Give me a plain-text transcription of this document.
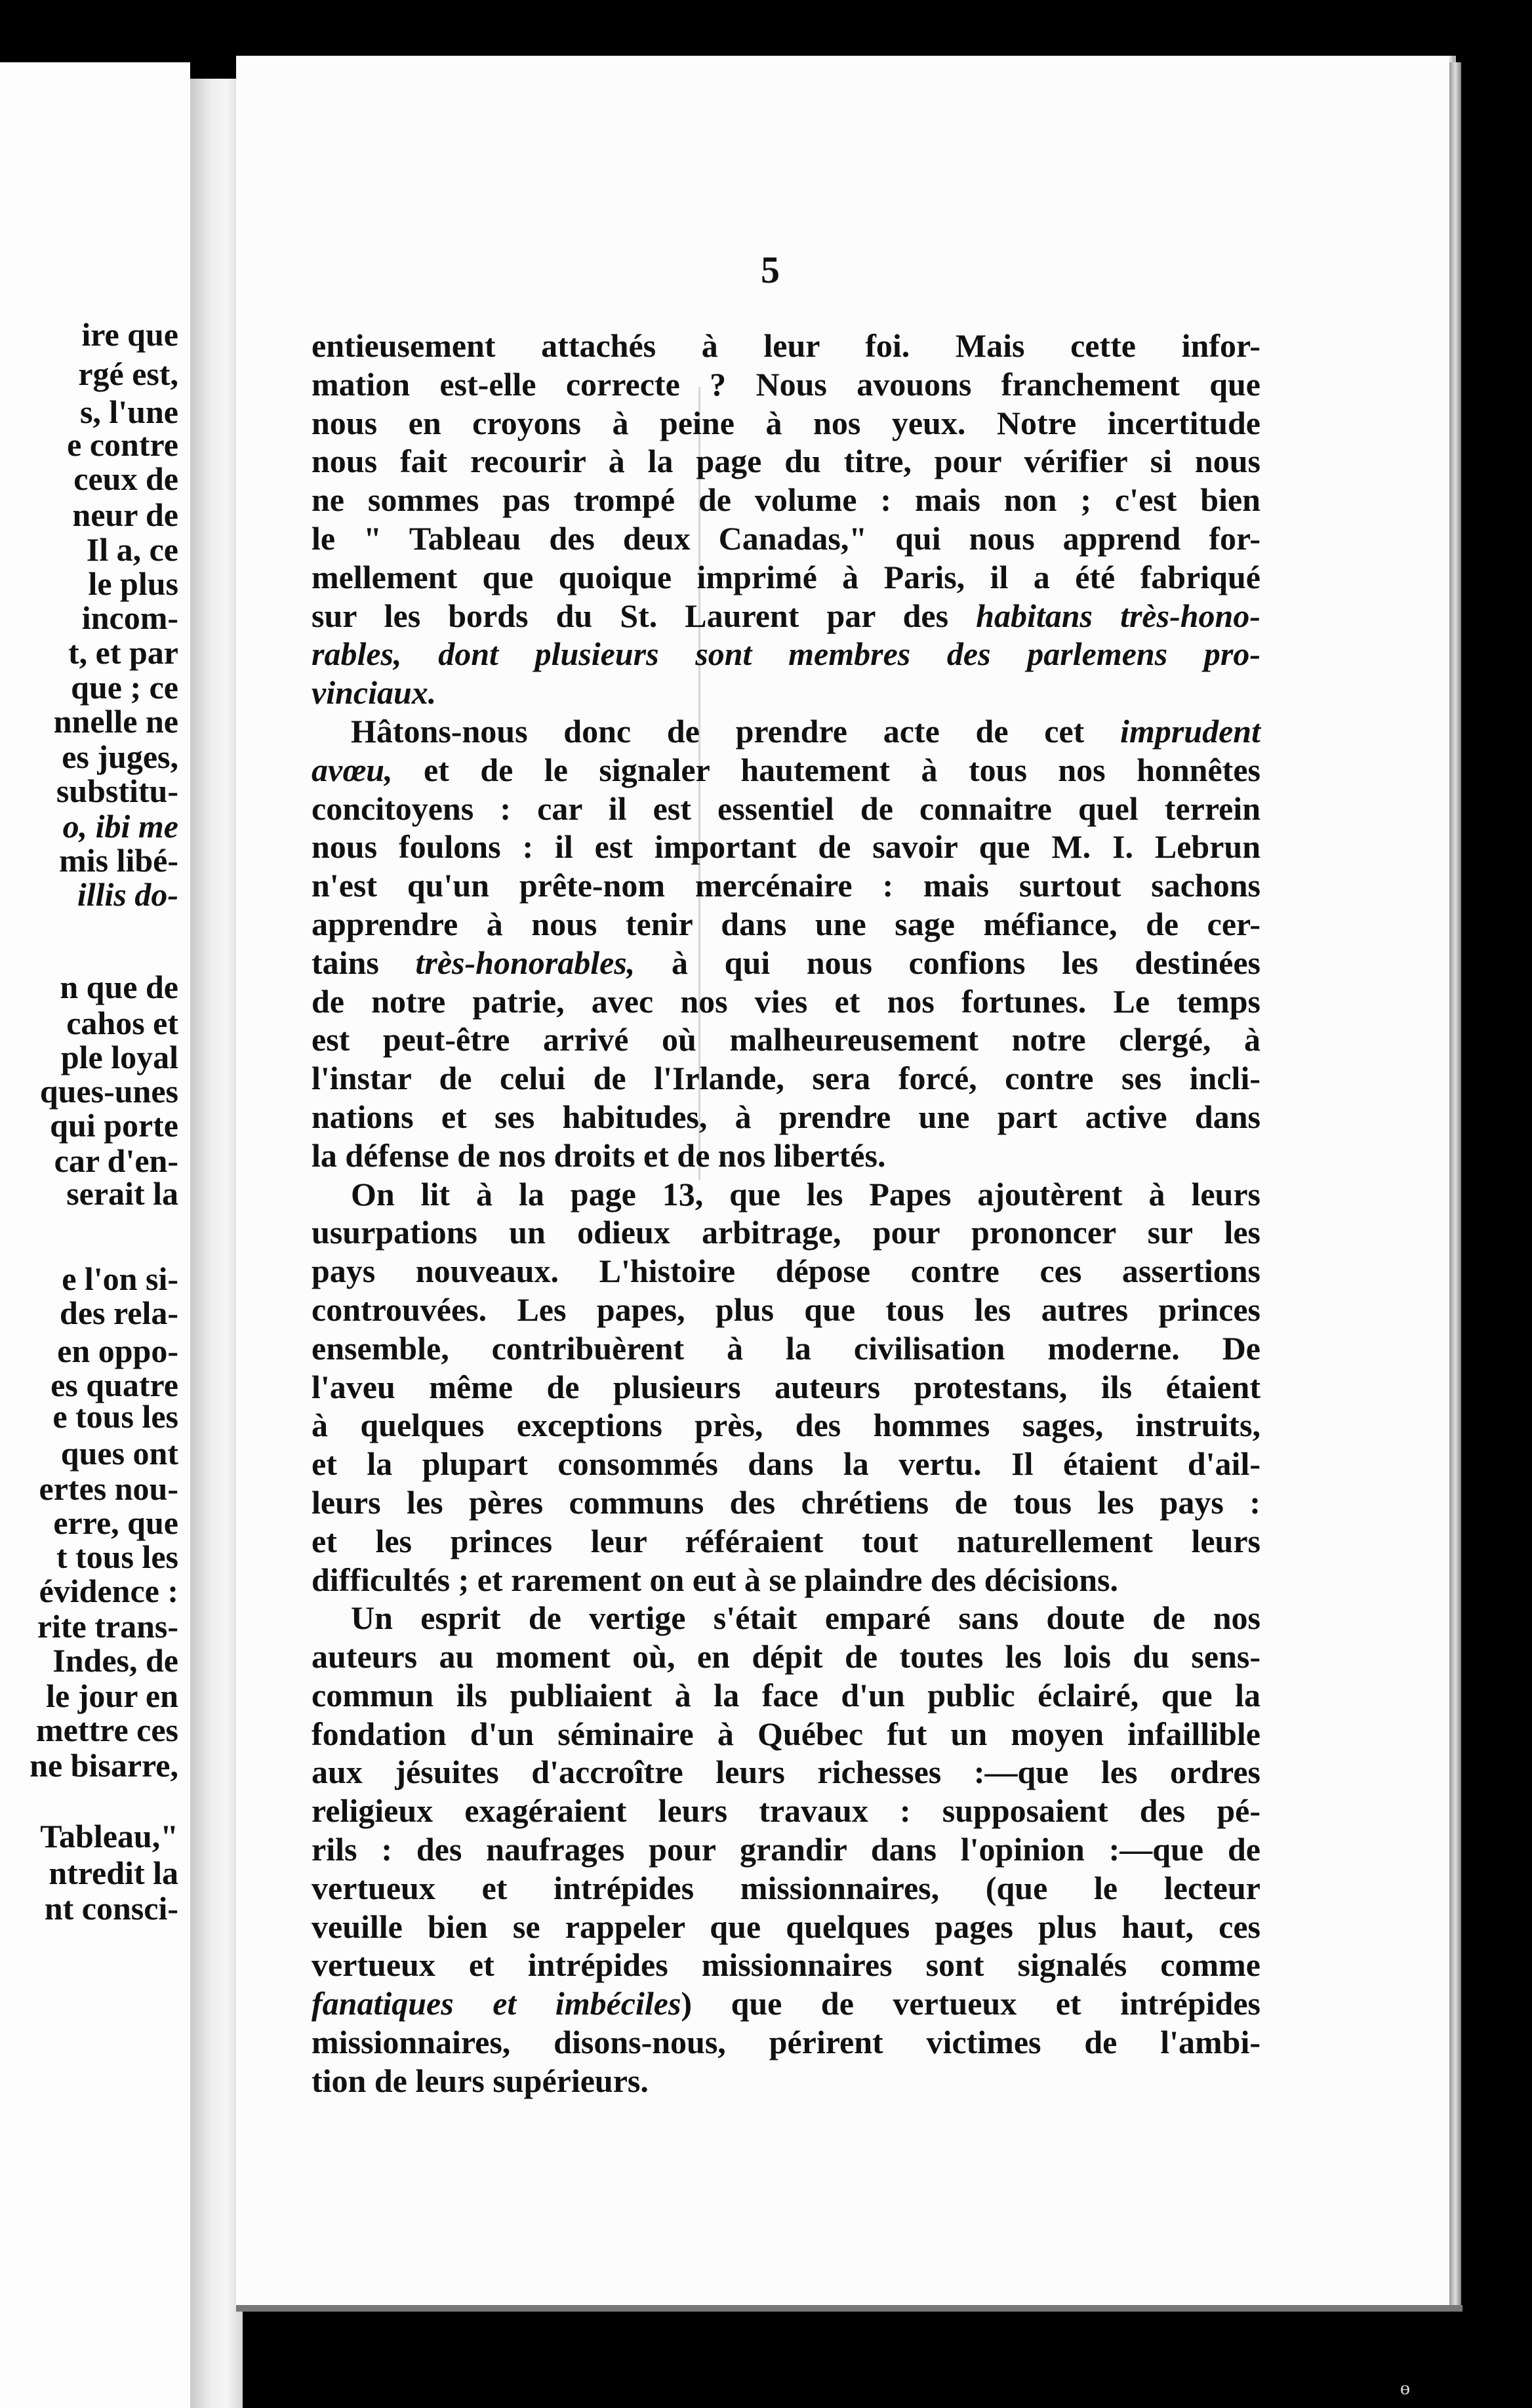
ire que
rgé est,
s, l'une
e contre
ceux de
neur de
Il a, ce
le plus
incom-
t, et par
que ; ce
nnelle ne
es juges,
substitu-
o, ibi me
mis libé-
illis do-
n que de
cahos et
ple loyal
ques-unes
qui porte
car d'en-
serait la
e l'on si-
des rela-
en oppo-
es quatre
e tous les
ques ont
ertes nou-
erre, que
t tous les
évidence :
rite trans-
Indes, de
le jour en
mettre ces
ne bisarre,
Tableau,"
ntredit la
nt consci-
5
entieusement attachés à leur foi. Mais cette infor-
mation est-elle correcte ? Nous avouons franchement que
nous en croyons à peine à nos yeux. Notre incertitude
nous fait recourir à la page du titre, pour vérifier si nous
ne sommes pas trompé de volume : mais non ; c'est bien
le " Tableau des deux Canadas," qui nous apprend for-
mellement que quoique imprimé à Paris, il a été fabriqué
sur les bords du St. Laurent par des habitans très-hono-
rables, dont plusieurs sont membres des parlemens pro-
vinciaux.
Hâtons-nous donc de prendre acte de cet imprudent
avœu, et de le signaler hautement à tous nos honnêtes
concitoyens : car il est essentiel de connaitre quel terrein
nous foulons : il est important de savoir que M. I. Lebrun
n'est qu'un prête-nom mercénaire : mais surtout sachons
apprendre à nous tenir dans une sage méfiance, de cer-
tains très-honorables, à qui nous confions les destinées
de notre patrie, avec nos vies et nos fortunes. Le temps
est peut-être arrivé où malheureusement notre clergé, à
l'instar de celui de l'Irlande, sera forcé, contre ses incli-
nations et ses habitudes, à prendre une part active dans
la défense de nos droits et de nos libertés.
On lit à la page 13, que les Papes ajoutèrent à leurs
usurpations un odieux arbitrage, pour prononcer sur les
pays nouveaux. L'histoire dépose contre ces assertions
controuvées. Les papes, plus que tous les autres princes
ensemble, contribuèrent à la civilisation moderne. De
l'aveu même de plusieurs auteurs protestans, ils étaient
à quelques exceptions près, des hommes sages, instruits,
et la plupart consommés dans la vertu. Il étaient d'ail-
leurs les pères communs des chrétiens de tous les pays :
et les princes leur référaient tout naturellement leurs
difficultés ; et rarement on eut à se plaindre des décisions.
Un esprit de vertige s'était emparé sans doute de nos
auteurs au moment où, en dépit de toutes les lois du sens-
commun ils publiaient à la face d'un public éclairé, que la
fondation d'un séminaire à Québec fut un moyen infaillible
aux jésuites d'accroître leurs richesses :—que les ordres
religieux exagéraient leurs travaux : supposaient des pé-
rils : des naufrages pour grandir dans l'opinion :—que de
vertueux et intrépides missionnaires, (que le lecteur
veuille bien se rappeler que quelques pages plus haut, ces
vertueux et intrépides missionnaires sont signalés comme
fanatiques et imbéciles) que de vertueux et intrépides
missionnaires, disons-nous, périrent victimes de l'ambi-
tion de leurs supérieurs.
ɵ
